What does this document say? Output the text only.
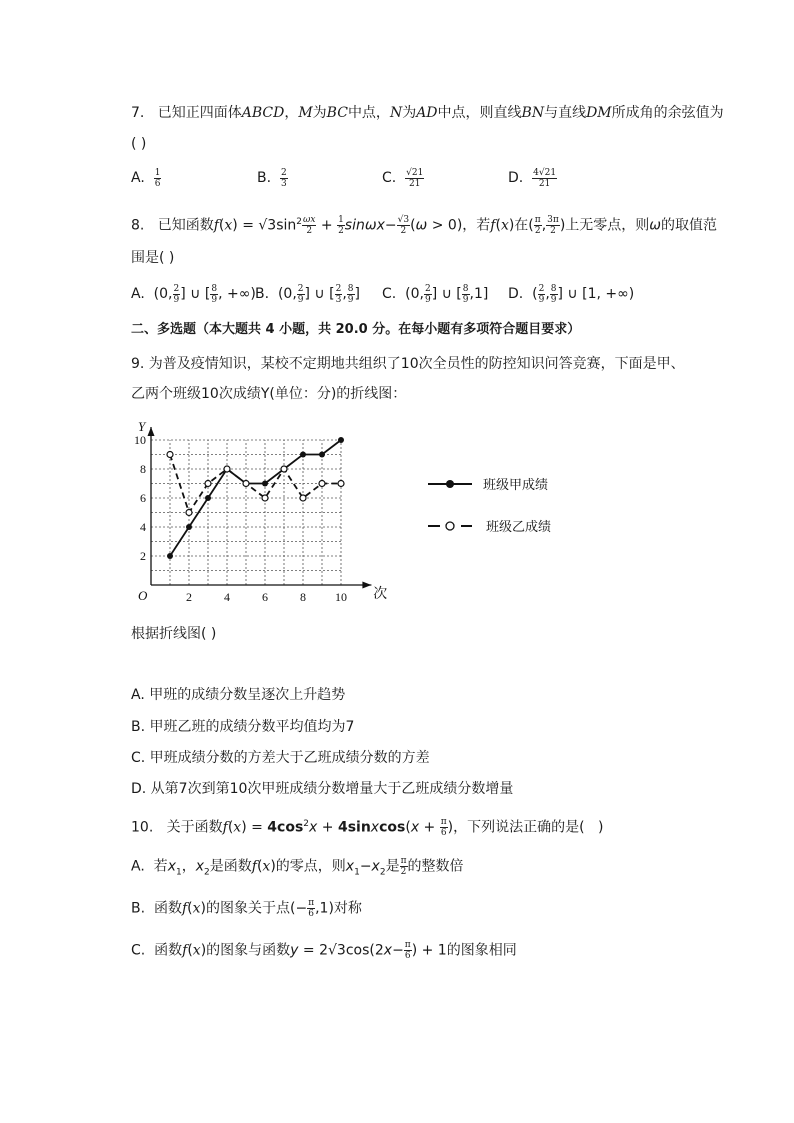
7.   已知正四面体ABCD，M为BC中点，N为AD中点，则直线BN与直线DM所成角的余弦值为
( )
A. $\frac{1}{6}$	B. $\frac{2}{3}$	C. $\frac{√21}{21}$	D. $\frac{4√21}{21}$
8.   已知函数$f(x) = √3\sin^2 \frac{\omega x}{2} + \frac{1}{2} \sin\omega x- \frac{√3}{2} (\omega > 0)$，若f(x)在( $\frac{\pi}{2}$ , $\frac{3\pi}{2}$ )上无零点，则ω的取值范
围是( )
A.  (0, $\frac{2}{9}$ ] ∪ [ $\frac{8}{9}$ , +∞) B.  (0, $\frac{2}{9}$ ] ∪ [ $\frac{2}{3}$ , $\frac{8}{9}$ ] C.  (0, $\frac{2}{9}$ ] ∪ [ $\frac{8}{9} ,1$] D.  ( $\frac{2}{9}$ , $\frac{8}{9}$ ] ∪ [1, +∞)
二、多选题（本大题共 4 小题，共 20.0 分。在每小题有多项符合题目要求）
9. 为普及疫情知识，某校不定期地共组织了10次全员性的防控知识问答竞赛，下面是甲、
乙两个班级10次成绩Y(单位：分)的折线图：
Y
次
O	2	4	6	8 10
2
4
6
8
10
班级甲成绩
班级乙成绩
根据折线图( )
A. 甲班的成绩分数呈逐次上升趋势
B. 甲班乙班的成绩分数平均值均为7
C. 甲班成绩分数的方差大于乙班成绩分数的方差
D. 从第7次到第10次甲班成绩分数增量大于乙班成绩分数增量
10.   关于函数$f(x) = 4\cos^2x$ + 4sinxcos(x + $\frac{\pi}{6}$ )，下列说法正确的是(   )
A.  若$x_1$，$x_2$是函数f(x)的零点，则$x_1-x_2$是 $\frac{\pi}{2}$ 的整数倍
B.  函数f(x)的图象关于点(− $\frac{\pi}{6} ,1$)对称
C.  函数f(x)的图象与函数$y = 2√3\cos(2x- \frac{\pi}{6}$ ) + 1的图象相同
